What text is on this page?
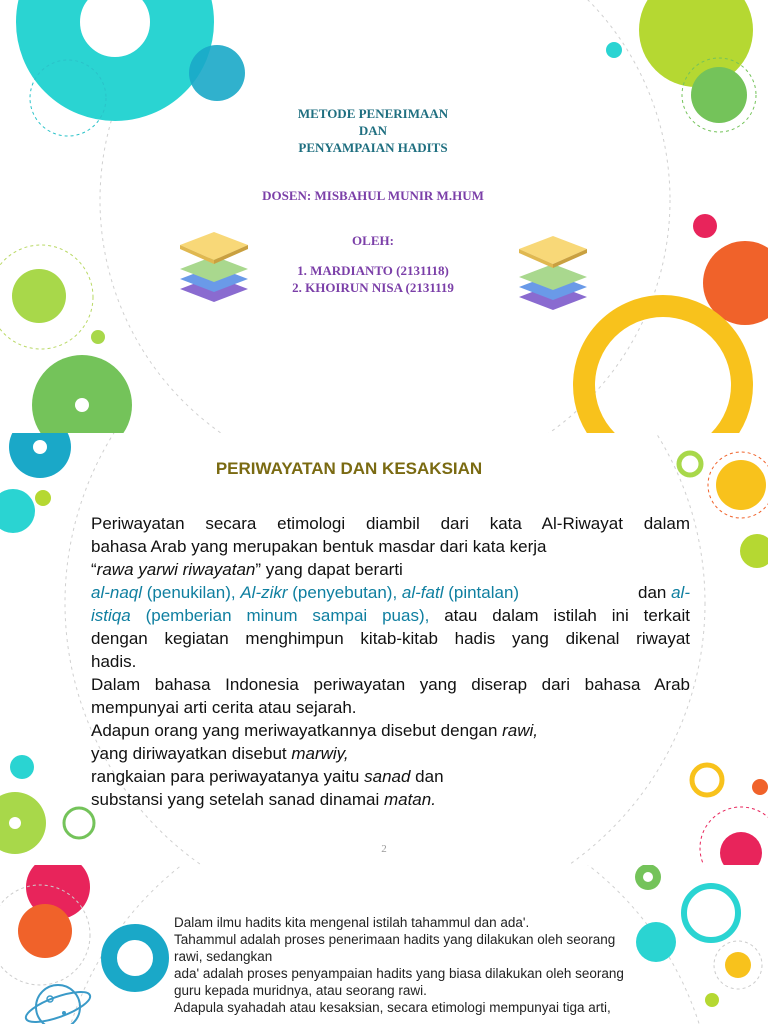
METODE PENERIMAAN
DAN
PENYAMPAIAN HADITS
DOSEN: MISBAHUL MUNIR M.HUM
OLEH:
1. MARDIANTO (2131118)
2. KHOIRUN NISA (2131119
PERIWAYATAN DAN KESAKSIAN
Periwayatan secara etimologi diambil dari kata Al-Riwayat dalam
bahasa Arab yang merupakan bentuk masdar dari kata kerja
“rawa yarwi riwayatan” yang dapat berarti
al-naql (penukilan), Al-zikr (penyebutan), al-fatl (pintalan)	dan al-
istiqa (pemberian minum sampai puas), atau dalam istilah ini terkait
dengan kegiatan menghimpun kitab-kitab hadis yang dikenal riwayat
hadis.
Dalam bahasa Indonesia periwayatan yang diserap dari bahasa Arab
mempunyai arti cerita atau sejarah.
Adapun orang yang meriwayatkannya disebut dengan rawi,
yang diriwayatkan disebut marwiy,
rangkaian para periwayatanya yaitu sanad dan
substansi yang setelah sanad dinamai matan.
2
Dalam ilmu hadits kita mengenal istilah tahammul dan ada'.
Tahammul adalah proses penerimaan hadits yang dilakukan oleh seorang
rawi, sedangkan
ada' adalah proses penyampaian hadits yang biasa dilakukan oleh seorang
guru kepada muridnya, atau seorang rawi.
Adapula syahadah atau kesaksian, secara etimologi mempunyai tiga arti,
